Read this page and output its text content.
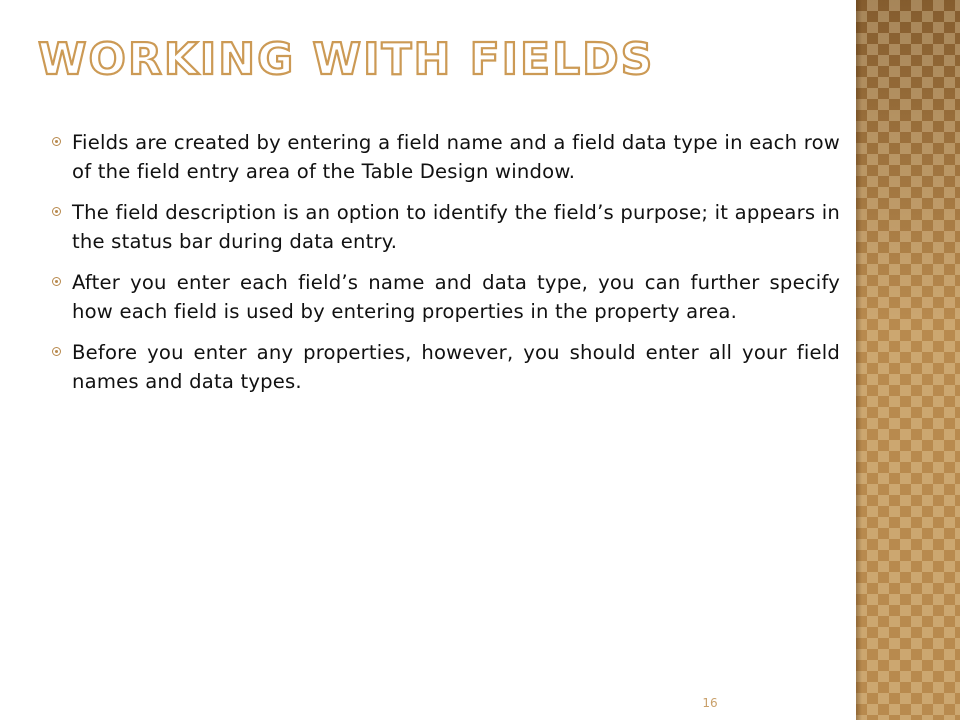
WORKING WITH FIELDS
Fields are created by entering a field name and a field data type in each row of the field entry area of the Table Design window.
The field description is an option to identify the field’s purpose; it appears in the status bar during data entry.
After you enter each field’s name and data type, you can further specify how each field is used by entering properties in the property area.
Before you enter any properties, however, you should enter all your field names and data types.
16
